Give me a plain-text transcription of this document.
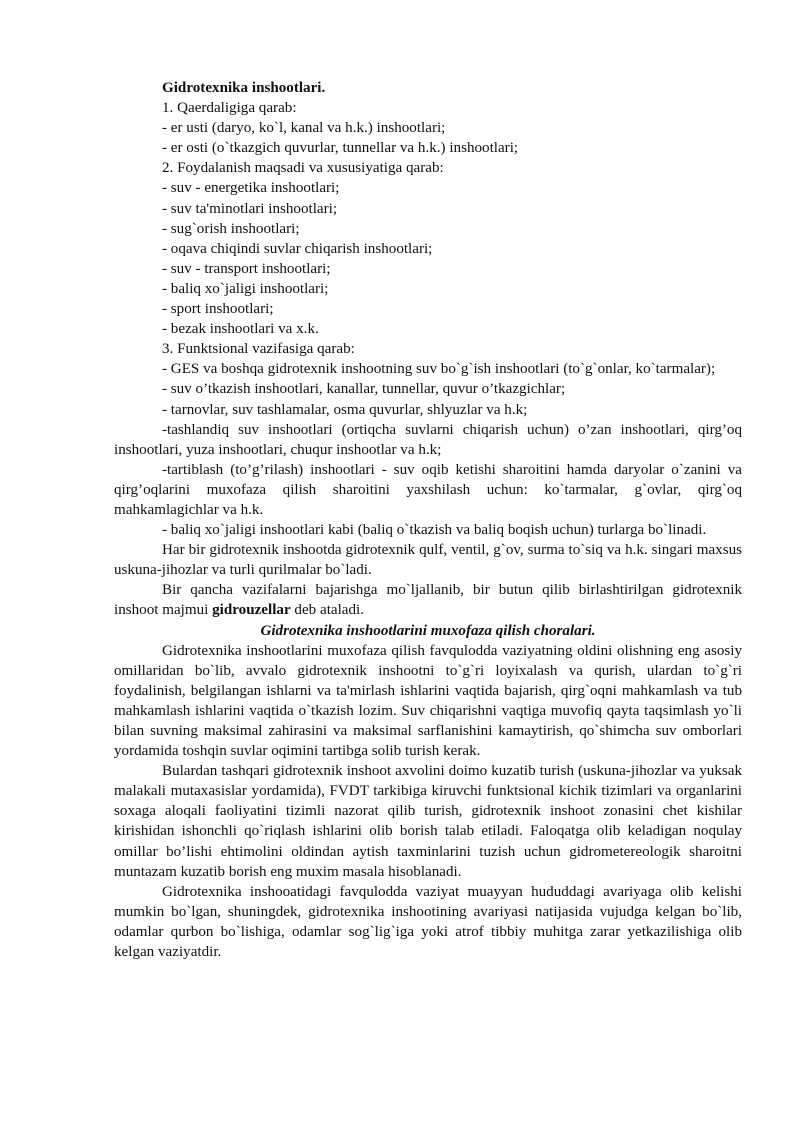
Gidrotexnika inshootlari.

1. Qaerdaligiga qarab:

- er usti (daryo, ko`l, kanal va h.k.) inshootlari;

- er osti (o`tkazgich quvurlar, tunnellar va h.k.) inshootlari;

2. Foydalanish maqsadi va xususiyatiga qarab:

- suv - energetika inshootlari;

- suv ta'minotlari inshootlari;

- sug`orish inshootlari;

- oqava chiqindi suvlar chiqarish inshootlari;

- suv - transport inshootlari;

- baliq xo`jaligi inshootlari;

- sport inshootlari;

- bezak inshootlari va x.k.

3. Funktsional vazifasiga qarab:

- GES va boshqa gidrotexnik inshootning suv bo`g`ish inshootlari (to`g`onlar, ko`tarmalar);

- suv o’tkazish inshootlari, kanallar, tunnellar, quvur o’tkazgichlar;

- tarnovlar, suv tashlamalar, osma quvurlar, shlyuzlar va h.k;

-tashlandiq suv inshootlari (ortiqcha suvlarni chiqarish uchun) o’zan inshootlari, qirg’oq inshootlari, yuza inshootlari, chuqur inshootlar va h.k;

-tartiblash (to’g’rilash) inshootlari - suv oqib ketishi sharoitini hamda daryolar o`zanini va qirg’oqlarini muxofaza qilish sharoitini yaxshilash uchun: ko`tarmalar, g`ovlar, qirg`oq mahkamlagichlar va h.k.

- baliq xo`jaligi inshootlari kabi (baliq o`tkazish va baliq boqish uchun) turlarga bo`linadi.

Har bir gidrotexnik inshootda gidrotexnik qulf, ventil, g`ov, surma to`siq va h.k. singari maxsus uskuna-jihozlar va turli qurilmalar bo`ladi.

Bir qancha vazifalarni bajarishga mo`ljallanib, bir butun qilib birlashtirilgan gidrotexnik inshoot majmui gidrouzellar deb ataladi.

Gidrotexnika inshootlarini muxofaza qilish choralari.

Gidrotexnika inshootlarini muxofaza qilish favqulodda vaziyatning oldini olishning eng asosiy omillaridan bo`lib, avvalo gidrotexnik inshootni to`g`ri loyixalash va qurish, ulardan to`g`ri foydalinish, belgilangan ishlarni va ta'mirlash ishlarini vaqtida bajarish, qirg`oqni mahkamlash va tub mahkamlash ishlarini vaqtida o`tkazish lozim. Suv chiqarishni vaqtiga muvofiq qayta taqsimlash yo`li bilan suvning maksimal zahirasini va maksimal sarflanishini kamaytirish, qo`shimcha suv omborlari yordamida toshqin suvlar oqimini tartibga solib turish kerak.

Bulardan tashqari gidrotexnik inshoot axvolini doimo kuzatib turish (uskuna-jihozlar va yuksak malakali mutaxasislar yordamida), FVDT tarkibiga kiruvchi funktsional kichik tizimlari va organlarini soxaga aloqali faoliyatini tizimli nazorat qilib turish, gidrotexnik inshoot zonasini chet kishilar kirishidan ishonchli qo`riqlash ishlarini olib borish talab etiladi. Faloqatga olib keladigan noqulay omillar bo’lishi ehtimolini oldindan aytish taxminlarini tuzish uchun gidrometereologik sharoitni muntazam kuzatib borish eng muxim masala hisoblanadi.

Gidrotexnika inshooatidagi favqulodda vaziyat muayyan hududdagi avariyaga olib kelishi mumkin bo`lgan, shuningdek, gidrotexnika inshootining avariyasi natijasida vujudga kelgan bo`lib, odamlar qurbon bo`lishiga, odamlar sog`lig`iga yoki atrof tibbiy muhitga zarar yetkazilishiga olib kelgan vaziyatdir.
